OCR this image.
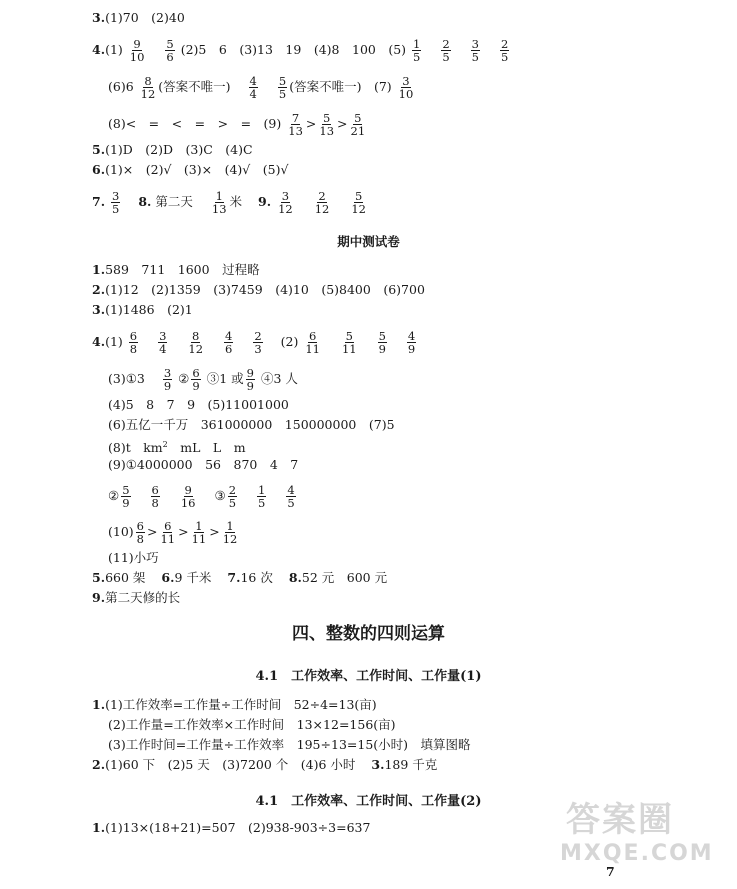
3.(1)70　(2)40
$4.(1) \frac{9}{10}$
$\frac{5}{6} (2)5$　6　(3)13　19　(4)8　100　$(5) \frac{1}{5}$
$\frac{2}{5}$
$\frac{3}{5}$
$\frac{2}{5}$
$(6)6 \frac{8}{12}$ (答案不唯一) $\frac{4}{4}$
$\frac{5}{5}$ (答案不唯一)　$(7) \frac{3}{10}$
(8)<　=　<　=　>　=　$(9) \frac{7}{13} > \frac{5}{13} > \frac{5}{21}$
5.(1)D　(2)D　(3)C　(4)C
6.(1)×　(2)√　(3)×　(4)√　(5)√
7. $\frac{3}{5} 8$. 第二天 $\frac{1}{13}$ 米 9. $\frac{3}{12}$
$\frac{2}{12}$
$\frac{5}{12}$
期中测试卷
1.589　711　1600　过程略
2.(1)12　(2)1359　(3)7459　(4)10　(5)8400　(6)700
3.(1)1486　(2)1
$4.(1) \frac{6}{8}$
$\frac{3}{4}$
$\frac{8}{12}$
$\frac{4}{6}$
$\frac{2}{3} (2) \frac{6}{11}$
$\frac{5}{11}$
$\frac{5}{9}$
$\frac{4}{9}$
(3)①3 $\frac{3}{9}$ ② $\frac{6}{9}$ ③1 或 $\frac{9}{9}$ ④3 人
(4)5　8　7　9　(5)11001000
(6)五亿一千万　361000000　150000000　(7)5
(8)t　$km^2$　mL　L　m
(9)①4000000　56　870　4　7
② $\frac{5}{9}$
$\frac{6}{8}$
$\frac{9}{16}$ ③ $\frac{2}{5}$
$\frac{1}{5}$
$\frac{4}{5}$
$(10) \frac{6}{8} > \frac{6}{11} > \frac{1}{11} > \frac{1}{12}$
(11)小巧
5.660 架 6.9 千米 7.16 次 8.52 元　600 元
9.第二天修的长
四、整数的四则运算
4.1　工作效率、工作时间、工作量(1)
1.(1)工作效率=工作量÷工作时间　52÷4=13(亩)
(2)工作量=工作效率×工作时间　13×12=156(亩)
(3)工作时间=工作量÷工作效率　195÷13=15(小时)　填算图略
2.(1)60 下　(2)5 天　(3)7200 个　(4)6 小时 3.189 千克
4.1　工作效率、工作时间、工作量(2)
1.(1)13×(18+21)=507　(2)938-903÷3=637	答案圈
MXQE.COM
7
